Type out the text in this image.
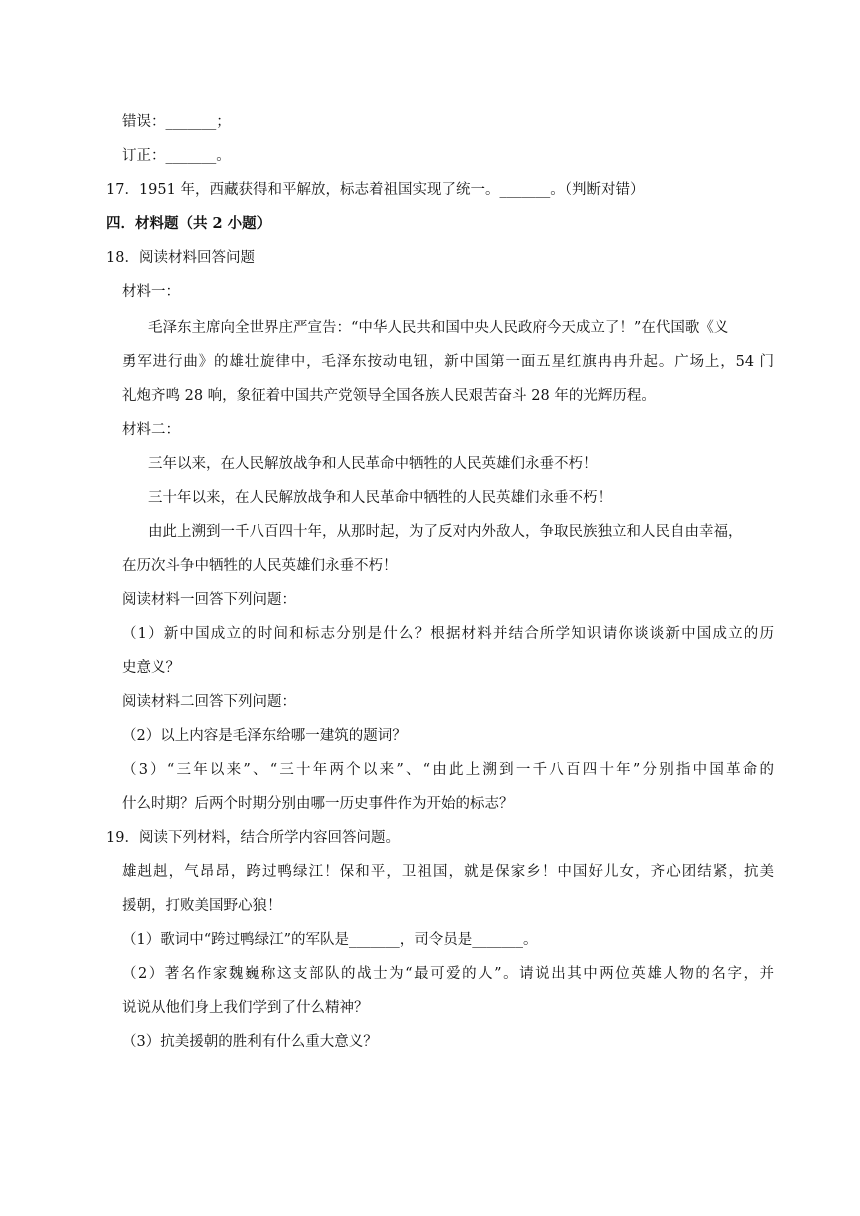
错误：_______；
订正：_______。
17．1951 年，西藏获得和平解放，标志着祖国实现了统一。_______。（判断对错）
四．材料题（共 2 小题）
18．阅读材料回答问题
材料一：
毛泽东主席向全世界庄严宣告：“中华人民共和国中央人民政府今天成立了！”在代国歌《义
勇军进行曲》的雄壮旋律中，毛泽东按动电钮，新中国第一面五星红旗冉冉升起。广场上，54 门
礼炮齐鸣 28 响，象征着中国共产党领导全国各族人民艰苦奋斗 28 年的光辉历程。
材料二：
三年以来，在人民解放战争和人民革命中牺牲的人民英雄们永垂不朽！
三十年以来，在人民解放战争和人民革命中牺牲的人民英雄们永垂不朽！
由此上溯到一千八百四十年，从那时起，为了反对内外敌人，争取民族独立和人民自由幸福，
在历次斗争中牺牲的人民英雄们永垂不朽！
阅读材料一回答下列问题：
（1）新中国成立的时间和标志分别是什么？根据材料并结合所学知识请你谈谈新中国成立的历
史意义？
阅读材料二回答下列问题：
（2）以上内容是毛泽东给哪一建筑的题词？
（3）“三年以来”、“三十年两个以来”、“由此上溯到一千八百四十年”分别指中国革命的
什么时期？后两个时期分别由哪一历史事件作为开始的标志？
19．阅读下列材料，结合所学内容回答问题。
雄赳赳，气昂昂，跨过鸭绿江！保和平，卫祖国，就是保家乡！中国好儿女，齐心团结紧，抗美
援朝，打败美国野心狼！
（1）歌词中“跨过鸭绿江”的军队是_______，司令员是_______。
（2）著名作家魏巍称这支部队的战士为“最可爱的人”。请说出其中两位英雄人物的名字，并
说说从他们身上我们学到了什么精神？
（3）抗美援朝的胜利有什么重大意义？
